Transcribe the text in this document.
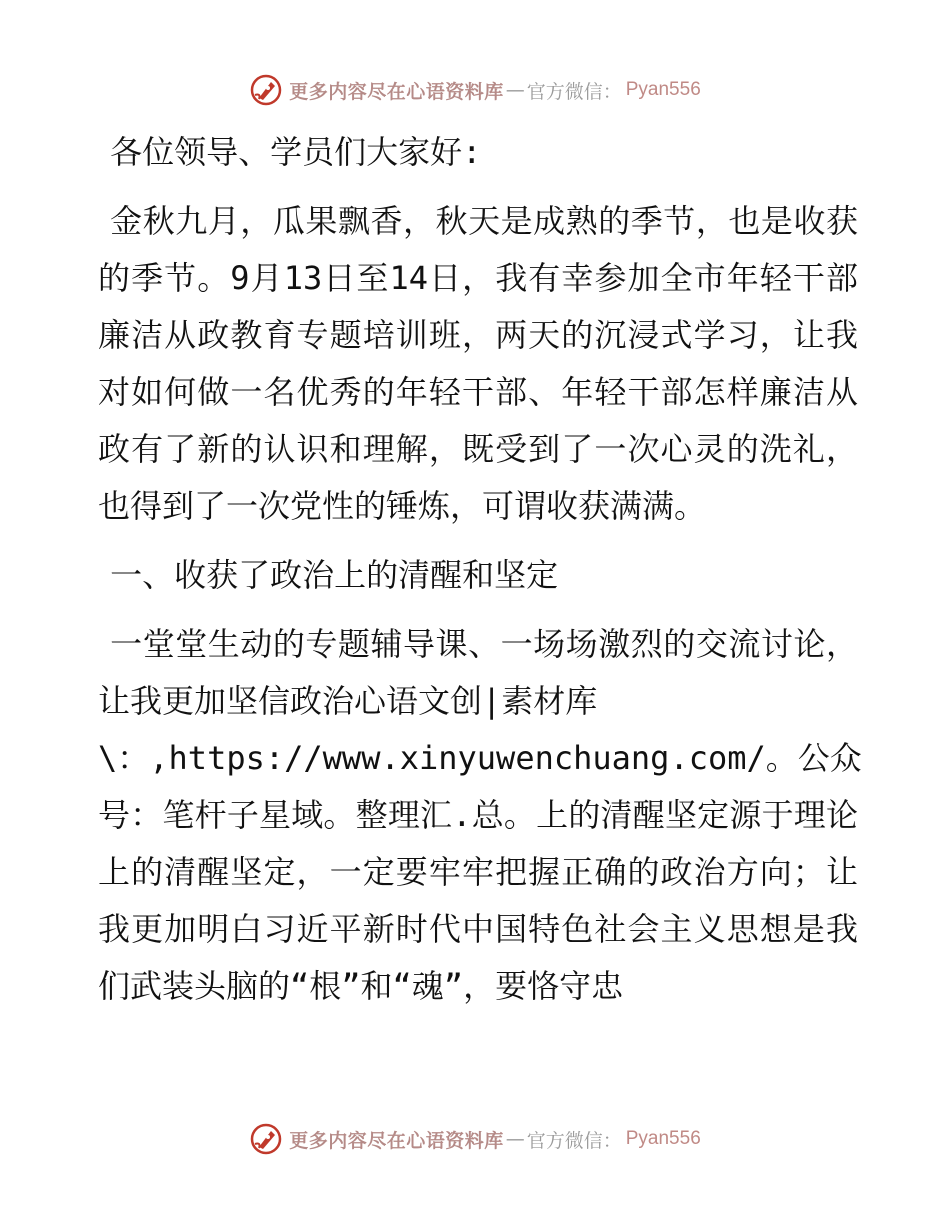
更多内容尽在心语资料库 — 官方微信： Pyan556

各位领导、学员们大家好:

金秋九月，瓜果飘香，秋天是成熟的季节，也是收获的季节。9月13日至14日，我有幸参加全市年轻干部廉洁从政教育专题培训班，两天的沉浸式学习，让我对如何做一名优秀的年轻干部、年轻干部怎样廉洁从政有了新的认识和理解，既受到了一次心灵的洗礼，也得到了一次党性的锤炼，可谓收获满满。

一、收获了政治上的清醒和坚定

一堂堂生动的专题辅导课、一场场激烈的交流讨论，让我更加坚信政治心语文创|素材库

\：,https://www.xinyuwenchuang.com/。公众

号：笔杆子星域。整理汇.总。上的清醒坚定源于理论上的清醒坚定，一定要牢牢把握正确的政治方向；让我更加明白习近平新时代中国特色社会主义思想是我们武装头脑的“根”和“魂”，要恪守忠

更多内容尽在心语资料库 — 官方微信： Pyan556
